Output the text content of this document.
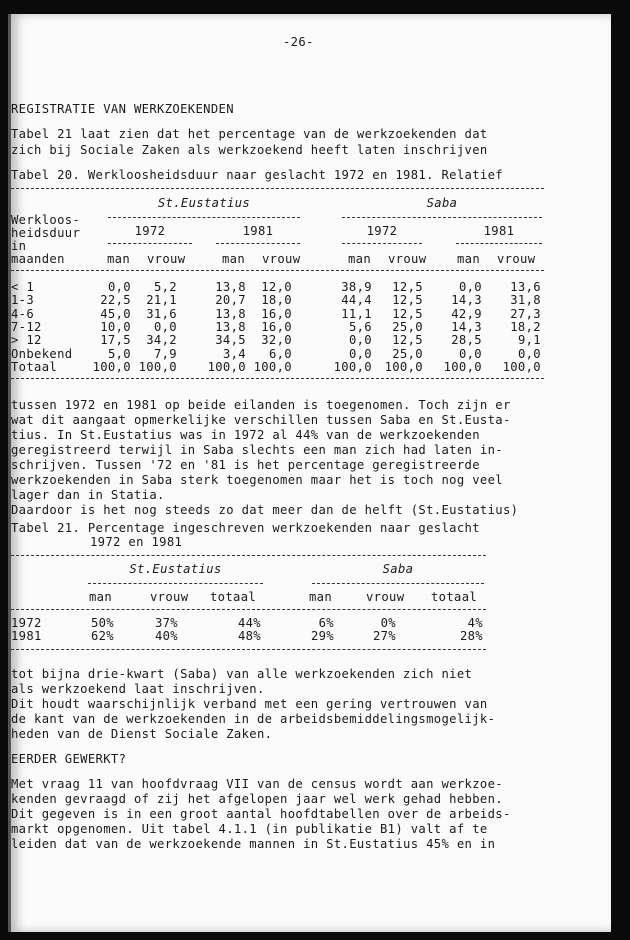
-26-
REGISTRATIE VAN WERKZOEKENDEN
Tabel 21 laat zien dat het percentage van de werkzoekenden dat
zich bij Sociale Zaken als werkzoekend heeft laten inschrijven
Tabel 20. Werkloosheidsduur naar geslacht 1972 en 1981. Relatief
St.Eustatius	Saba
Werkloos-
heidsduur
in
maanden
1972	1981	1972	1981
man vrouw	man vrouw	man vrouw	man vrouw
< 1	0,0	5,2	13,8	12,0	38,9	12,5	0,0	13,6
1-3	22,5	21,1	20,7	18,0	44,4	12,5	14,3	31,8
4-6	45,0	31,6	13,8	16,0	11,1	12,5	42,9	27,3
7-12	10,0	0,0	13,8	16,0	5,6	25,0	14,3	18,2
> 12	17,5	34,2	34,5	32,0	0,0	12,5	28,5	9,1
Onbekend	5,0	7,9	3,4	6,0	0,0	25,0	0,0	0,0
Totaal	100,0 100,0	100,0 100,0	100,0	100,0	100,0	100,0
tussen 1972 en 1981 op beide eilanden is toegenomen. Toch zijn er
wat dit aangaat opmerkelijke verschillen tussen Saba en St.Eusta-
tius. In St.Eustatius was in 1972 al 44% van de werkzoekenden
geregistreerd terwijl in Saba slechts een man zich had laten in-
schrijven. Tussen '72 en '81 is het percentage geregistreerde
werkzoekenden in Saba sterk toegenomen maar het is toch nog veel
lager dan in Statia.
Daardoor is het nog steeds zo dat meer dan de helft (St.Eustatius)
Tabel 21. Percentage ingeschreven werkzoekenden naar geslacht
1972 en 1981
St.Eustatius	Saba
man	vrouw totaal	man	vrouw totaal
1972	50%	37%	44%	6%	0%	4%
1981	62%	40%	48%	29%	27%	28%
tot bijna drie-kwart (Saba) van alle werkzoekenden zich niet
als werkzoekend laat inschrijven.
Dit houdt waarschijnlijk verband met een gering vertrouwen van
de kant van de werkzoekenden in de arbeidsbemiddelingsmogelijk-
heden van de Dienst Sociale Zaken.
EERDER GEWERKT?
Met vraag 11 van hoofdvraag VII van de census wordt aan werkzoe-
kenden gevraagd of zij het afgelopen jaar wel werk gehad hebben.
Dit gegeven is in een groot aantal hoofdtabellen over de arbeids-
markt opgenomen. Uit tabel 4.1.1 (in publikatie B1) valt af te
leiden dat van de werkzoekende mannen in St.Eustatius 45% en in
